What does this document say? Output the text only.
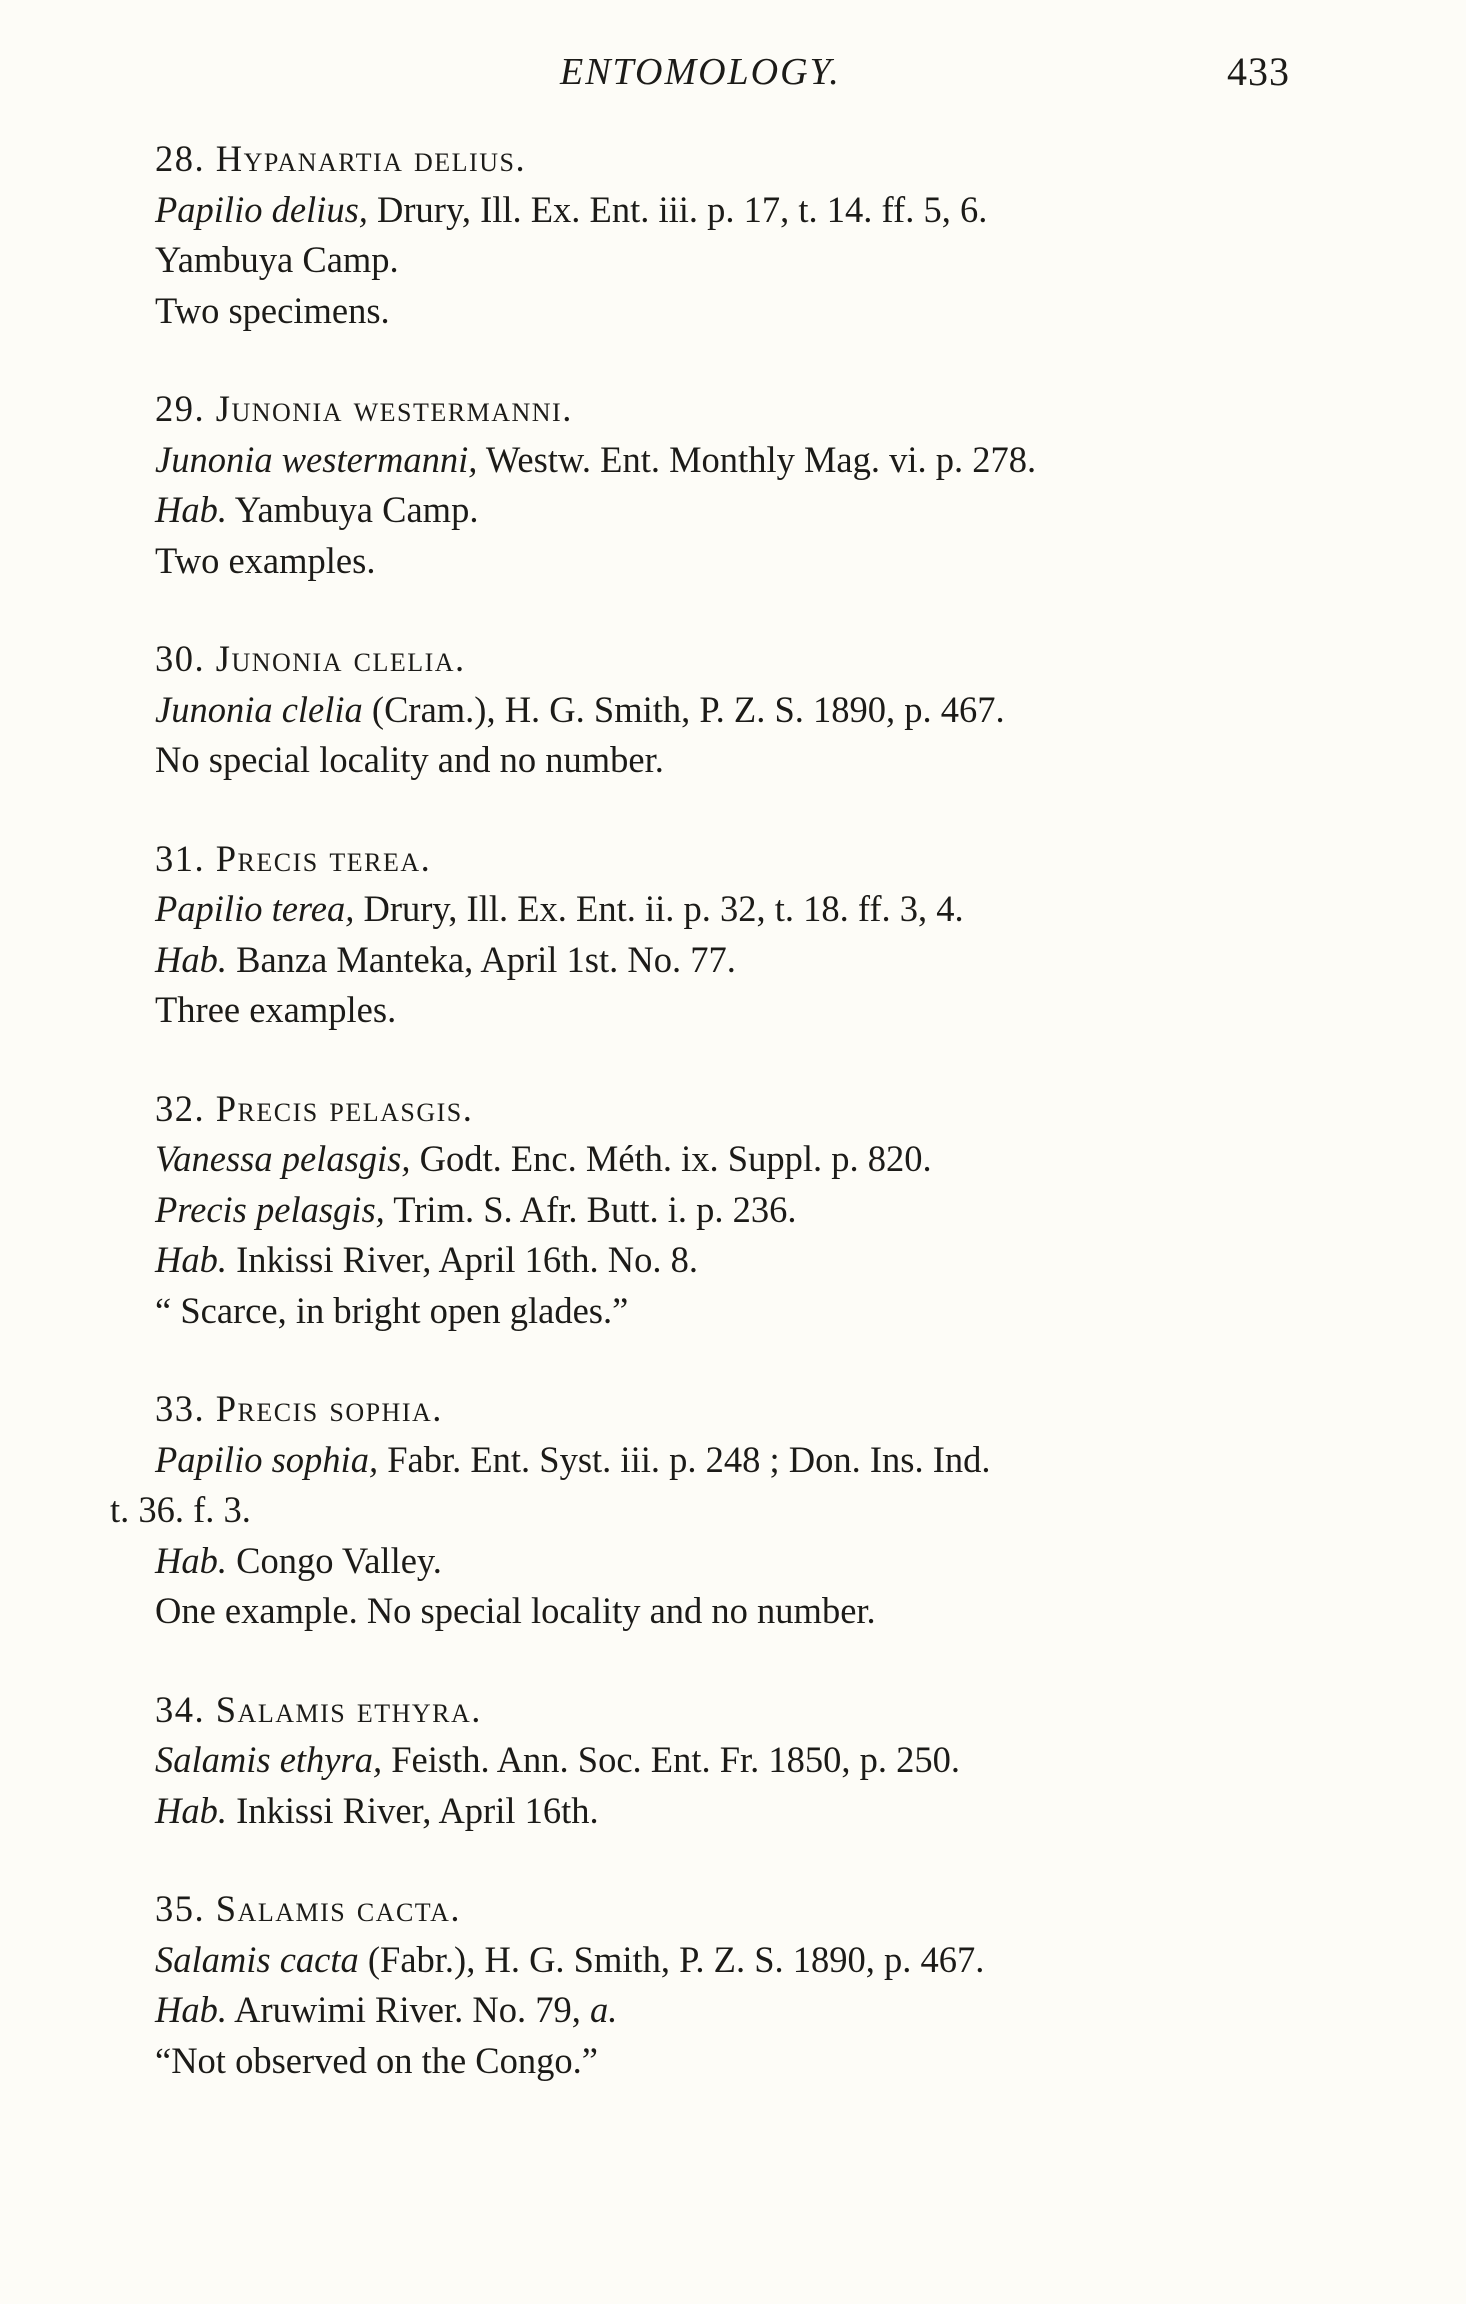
ENTOMOLOGY.	433
28. Hypanartia delius.
Papilio delius, Drury, Ill. Ex. Ent. iii. p. 17, t. 14. ff. 5, 6.
Yambuya Camp.
Two specimens.
29. Junonia westermanni.
Junonia westermanni, Westw. Ent. Monthly Mag. vi. p. 278.
Hab. Yambuya Camp.
Two examples.
30. Junonia clelia.
Junonia clelia (Cram.), H. G. Smith, P. Z. S. 1890, p. 467.
No special locality and no number.
31. Precis terea.
Papilio terea, Drury, Ill. Ex. Ent. ii. p. 32, t. 18. ff. 3, 4.
Hab. Banza Manteka, April 1st. No. 77.
Three examples.
32. Precis pelasgis.
Vanessa pelasgis, Godt. Enc. Méth. ix. Suppl. p. 820.
Precis pelasgis, Trim. S. Afr. Butt. i. p. 236.
Hab. Inkissi River, April 16th. No. 8.
“ Scarce, in bright open glades.”
33. Precis sophia.
Papilio sophia, Fabr. Ent. Syst. iii. p. 248 ; Don. Ins. Ind.
t. 36. f. 3.
Hab. Congo Valley.
One example. No special locality and no number.
34. Salamis ethyra.
Salamis ethyra, Feisth. Ann. Soc. Ent. Fr. 1850, p. 250.
Hab. Inkissi River, April 16th.
35. Salamis cacta.
Salamis cacta (Fabr.), H. G. Smith, P. Z. S. 1890, p. 467.
Hab. Aruwimi River. No. 79, a.
“Not observed on the Congo.”
